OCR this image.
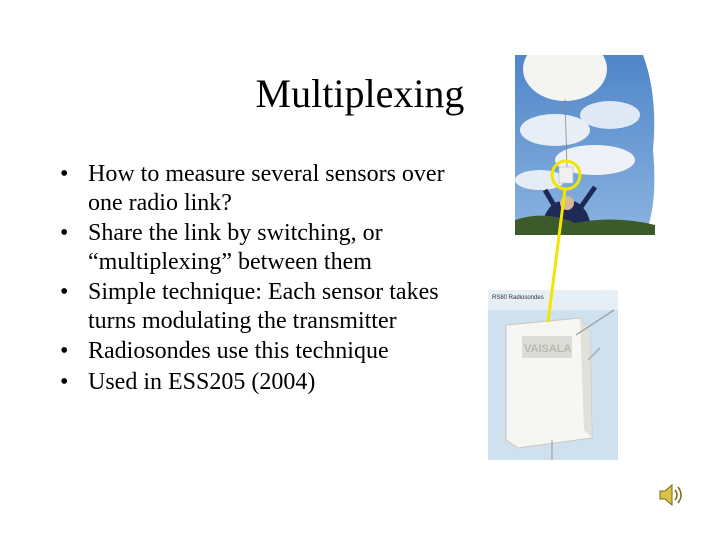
Multiplexing
• How to measure several sensors over one radio link?
• Share the link by switching, or “multiplexing” between them
• Simple technique: Each sensor takes turns modulating the transmitter
• Radiosondes use this technique
• Used in ESS205 (2004)
VAISALA
RS80 Radiosondes
